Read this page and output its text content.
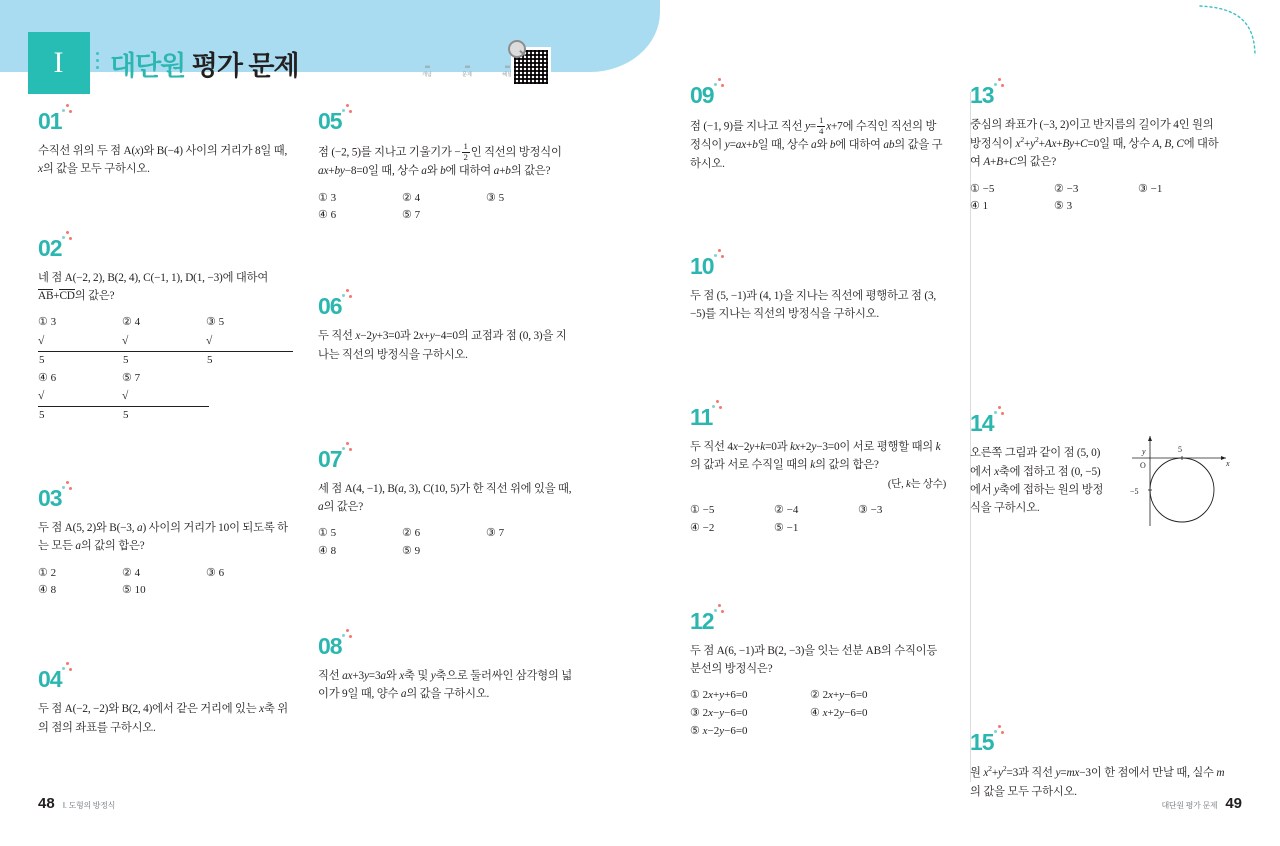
I 대단원 평가 문제	▪▪
개념
▪▪
문제
▪▪
해설
01
수직선 위의 두 점 A(x)와 B(−4) 사이의 거리가 8일 때, x의 값을 모두 구하시오.
02
네 점 A(−2, 2), B(2, 4), C(−1, 1), D(1, −3)에 대하여 AB+CD의 값은?
① 3√5
② 4√5
③ 5√5
④ 6√5
⑤ 7√5
03
두 점 A(5, 2)와 B(−3, a) 사이의 거리가 10이 되도록 하는 모든 a의 값의 합은?
① 2	② 4	③ 6
④ 8	⑤ 10
04
두 점 A(−2, −2)와 B(2, 4)에서 같은 거리에 있는 x축 위의 점의 좌표를 구하시오.
05
점 (−2, 5)를 지나고 기울기가 − $\frac{1}{2}$ 인 직선의 방정식이 ax+by−8=0일 때, 상수 a와 b에 대하여 a+b의 값은?
① 3	② 4	③ 5
④ 6	⑤ 7
06
두 직선 x−2y+3=0과 2x+y−4=0의 교점과 점 (0, 3)을 지나는 직선의 방정식을 구하시오.
07
세 점 A(4, −1), B(a, 3), C(10, 5)가 한 직선 위에 있을 때, a의 값은?
① 5	② 6	③ 7
④ 8	⑤ 9
08
직선 ax+3y=3a와 x축 및 y축으로 둘러싸인 삼각형의 넓이가 9일 때, 양수 a의 값을 구하시오.
09
점 (−1, 9)를 지나고 직선 $y= \frac{1}{4} x+7$에 수직인 직선의 방정식이 y=ax+b일 때, 상수 a와 b에 대하여 ab의 값을 구하시오.
10
두 점 (5, −1)과 (4, 1)을 지나는 직선에 평행하고 점 (3, −5)를 지나는 직선의 방정식을 구하시오.
11
두 직선 4x−2y+k=0과 kx+2y−3=0이 서로 평행할 때의 k의 값과 서로 수직일 때의 k의 값의 합은?
(단, k는 상수)
① −5	② −4	③ −3
④ −2	⑤ −1
12
두 점 A(6, −1)과 B(2, −3)을 잇는 선분 AB의 수직이등분선의 방정식은?
① 2x+y+6=0	② 2x+y−6=0
③ 2x−y−6=0	④ x+2y−6=0
⑤ x−2y−6=0
13
중심의 좌표가 (−3, 2)이고 반지름의 길이가 4인 원의 방정식이 $x^2+y^2+Ax+By+C=0$일 때, 상수 A, B, C에 대하여 A+B+C의 값은?
① −5	② −3	③ −1
④ 1	⑤ 3
14
오른쪽 그림과 같이 점 (5, 0)에서 x축에 접하고 점 (0, −5)에서 y축에 접하는 원의 방정식을 구하시오.
y
x
O
5
−5
15
원 $x^2+y^2=3$과 직선 y=mx−3이 한 점에서 만날 때, 실수 m의 값을 모두 구하시오.
48 Ⅰ. 도형의 방정식	대단원 평가 문제 49
